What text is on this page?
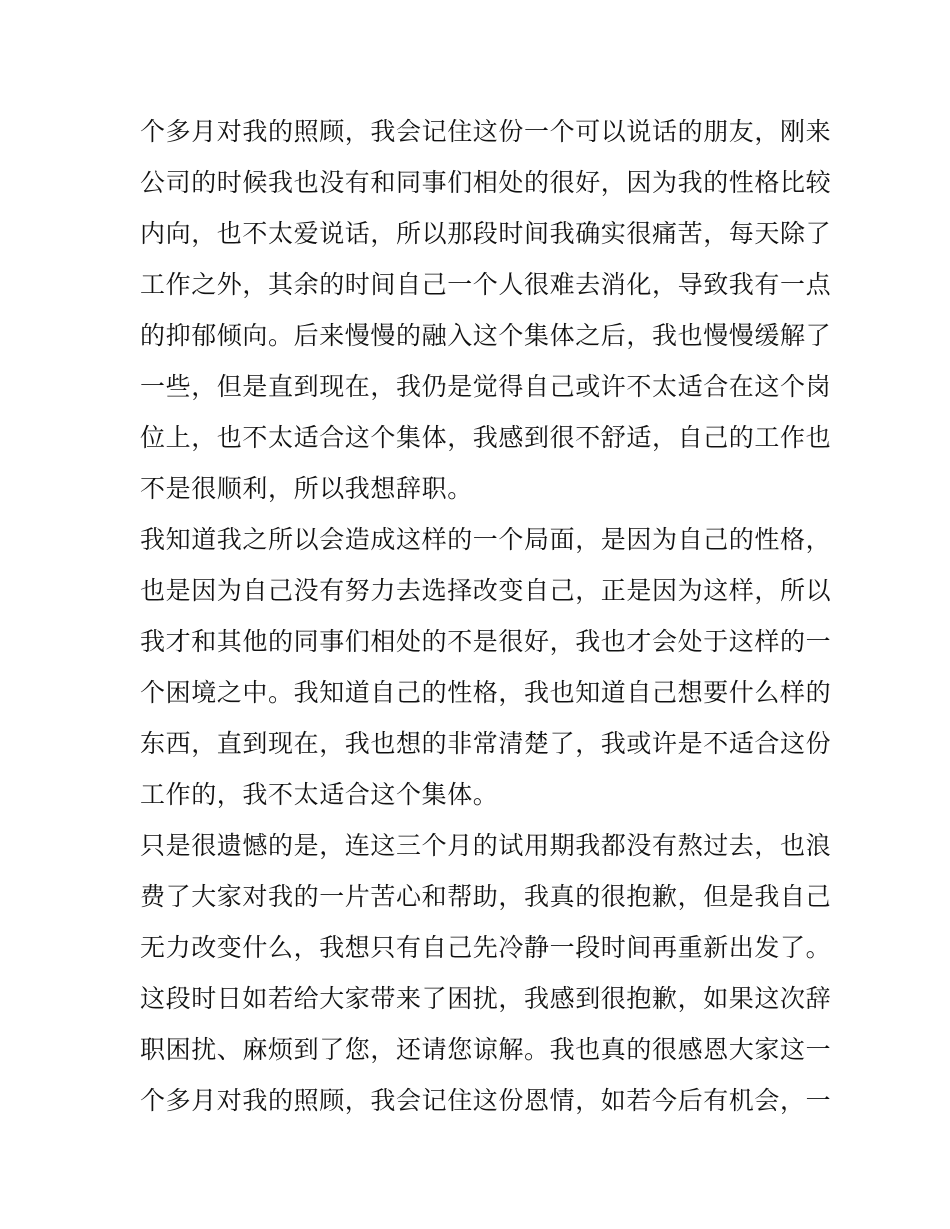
个多月对我的照顾，我会记住这份一个可以说话的朋友，刚来
公司的时候我也没有和同事们相处的很好，因为我的性格比较
内向，也不太爱说话，所以那段时间我确实很痛苦，每天除了
工作之外，其余的时间自己一个人很难去消化，导致我有一点
的抑郁倾向。后来慢慢的融入这个集体之后，我也慢慢缓解了
一些，但是直到现在，我仍是觉得自己或许不太适合在这个岗
位上，也不太适合这个集体，我感到很不舒适，自己的工作也
不是很顺利，所以我想辞职。
我知道我之所以会造成这样的一个局面，是因为自己的性格，
也是因为自己没有努力去选择改变自己，正是因为这样，所以
我才和其他的同事们相处的不是很好，我也才会处于这样的一
个困境之中。我知道自己的性格，我也知道自己想要什么样的
东西，直到现在，我也想的非常清楚了，我或许是不适合这份
工作的，我不太适合这个集体。
只是很遗憾的是，连这三个月的试用期我都没有熬过去，也浪
费了大家对我的一片苦心和帮助，我真的很抱歉，但是我自己
无力改变什么，我想只有自己先冷静一段时间再重新出发了。
这段时日如若给大家带来了困扰，我感到很抱歉，如果这次辞
职困扰、麻烦到了您，还请您谅解。我也真的很感恩大家这一
个多月对我的照顾，我会记住这份恩情，如若今后有机会，一
